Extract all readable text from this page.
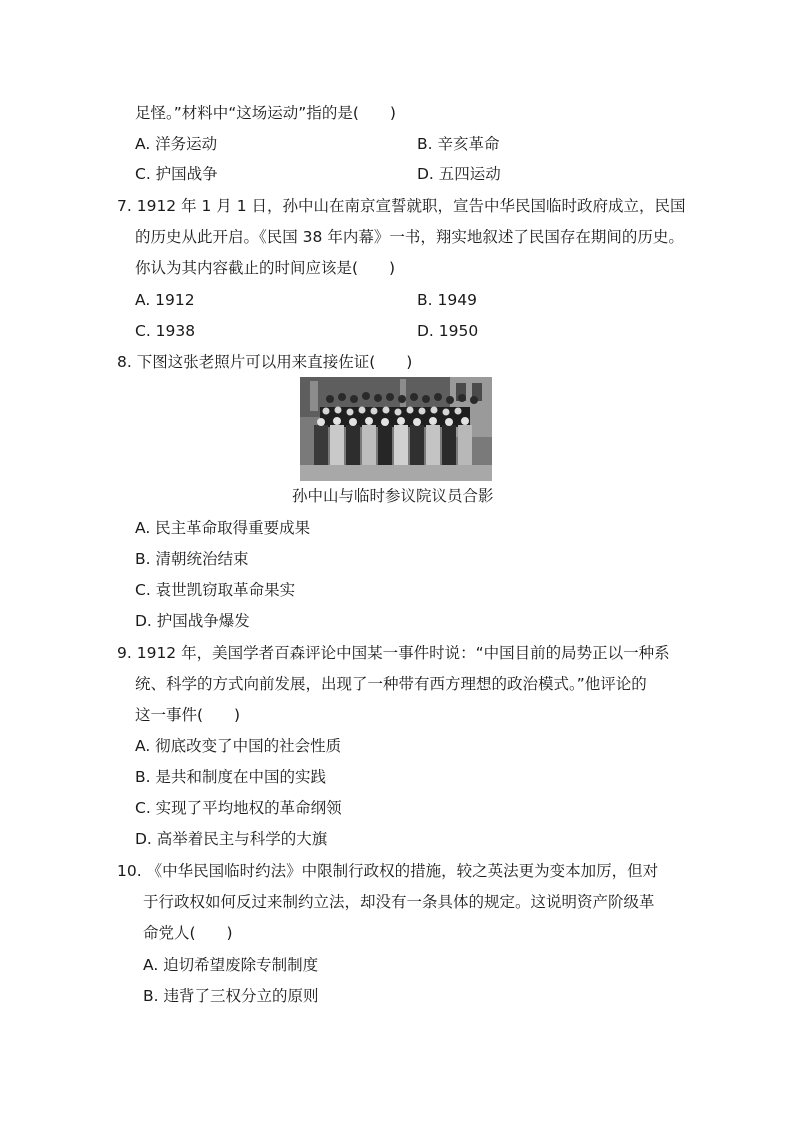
足怪。”材料中“这场运动”指的是(　　)
A. 洋务运动	B. 辛亥革命
C. 护国战争	D. 五四运动
7. 1912 年 1 月 1 日，孙中山在南京宣誓就职，宣告中华民国临时政府成立，民国
的历史从此开启。《民国 38 年内幕》一书，翔实地叙述了民国存在期间的历史。
你认为其内容截止的时间应该是(　　)
A. 1912	B. 1949
C. 1938	D. 1950
8. 下图这张老照片可以用来直接佐证(　　)
孙中山与临时参议院议员合影
A. 民主革命取得重要成果
B. 清朝统治结束
C. 袁世凯窃取革命果实
D. 护国战争爆发
9. 1912 年，美国学者百森评论中国某一事件时说：“中国目前的局势正以一种系
统、科学的方式向前发展，出现了一种带有西方理想的政治模式。”他评论的
这一事件(　　)
A. 彻底改变了中国的社会性质
B. 是共和制度在中国的实践
C. 实现了平均地权的革命纲领
D. 高举着民主与科学的大旗
10. 《中华民国临时约法》中限制行政权的措施，较之英法更为变本加厉，但对
于行政权如何反过来制约立法，却没有一条具体的规定。这说明资产阶级革
命党人(　　)
A. 迫切希望废除专制制度
B. 违背了三权分立的原则
